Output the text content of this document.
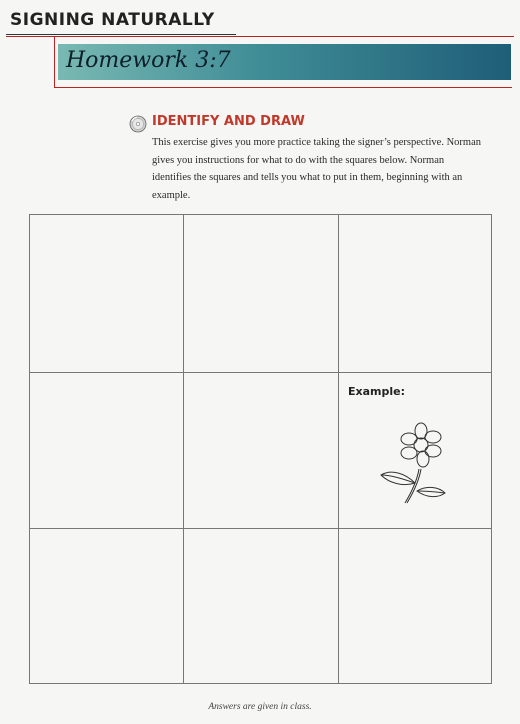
SIGNING NATURALLY
Homework 3:7
IDENTIFY AND DRAW
This exercise gives you more practice taking the signer’s perspective. Norman gives you instructions for what to do with the squares below. Norman identifies the squares and tells you what to put in them, beginning with an example.
Example:
Answers are given in class.
